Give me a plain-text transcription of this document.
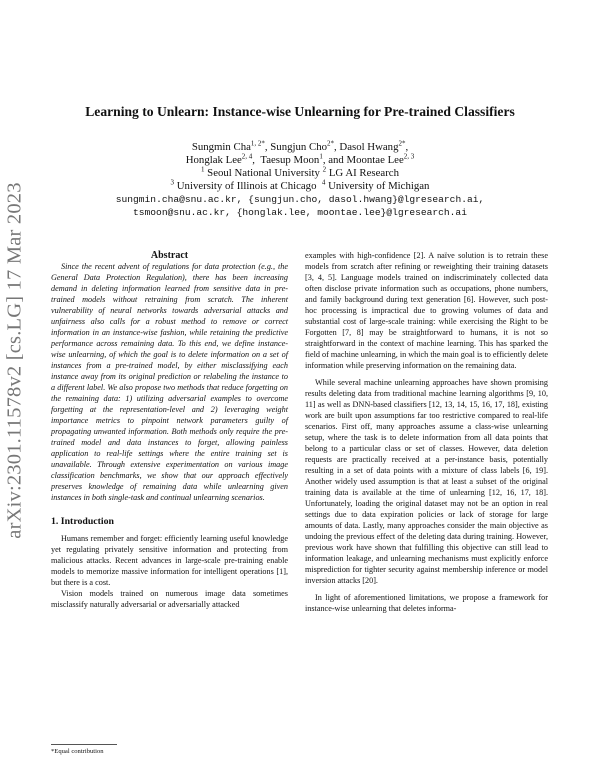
arXiv:2301.11578v2 [cs.LG] 17 Mar 2023
Learning to Unlearn: Instance-wise Unlearning for Pre-trained Classifiers
Sungmin Cha$^{1, 2*}$, Sungjun Cho$^{2*}$, Dasol Hwang$^{2*}$,
Honglak Lee$^{2, 4}$,  Taesup Moon$^1$, and Moontae Lee$^{2, 3}$
$^1$ Seoul National University $^2$ LG AI Research
$^3$ University of Illinois at Chicago  $^4$ University of Michigan
sungmin.cha@snu.ac.kr, {sungjun.cho, dasol.hwang}@lgresearch.ai,
tsmoon@snu.ac.kr, {honglak.lee, moontae.lee}@lgresearch.ai

Abstract

Since the recent advent of regulations for data protection (e.g., the General Data Protection Regulation), there has been increasing demand in deleting information learned from sensitive data in pre-trained models without retraining from scratch. The inherent vulnerability of neural networks towards adversarial attacks and unfairness also calls for a robust method to remove or correct information in an instance-wise fashion, while retaining the predictive performance across remaining data. To this end, we define instance-wise unlearning, of which the goal is to delete information on a set of instances from a pre-trained model, by either misclassifying each instance away from its original prediction or relabeling the instance to a different label. We also propose two methods that reduce forgetting on the remaining data: 1) utilizing adversarial examples to overcome forgetting at the representation-level and 2) leveraging weight importance metrics to pinpoint network parameters guilty of propagating unwanted information. Both methods only require the pre-trained model and data instances to forget, allowing painless application to real-life settings where the entire training set is unavailable. Through extensive experimentation on various image classification benchmarks, we show that our approach effectively preserves knowledge of remaining data while unlearning given instances in both single-task and continual unlearning scenarios.

1. Introduction

Humans remember and forget: efficiently learning useful knowledge yet regulating privately sensitive information and protecting from malicious attacks. Recent advances in large-scale pre-training enable models to memorize massive information for intelligent operations [1], but there is a cost.

Vision models trained on numerous image data sometimes misclassify naturally adversarial or adversarially attacked

examples with high-confidence [2]. A naïve solution is to retrain these models from scratch after refining or reweighting their training datasets [3, 4, 5]. Language models trained on indiscriminately collected data often disclose private information such as occupations, phone numbers, and family background during text generation [6]. However, such post-hoc processing is impractical due to growing volumes of data and substantial cost of large-scale training: while exercising the Right to be Forgotten [7, 8] may be straightforward to humans, it is not so straightforward in the context of machine learning. This has sparked the field of machine unlearning, in which the main goal is to efficiently delete information while preserving information on the remaining data.

While several machine unlearning approaches have shown promising results deleting data from traditional machine learning algorithms [9, 10, 11] as well as DNN-based classifiers [12, 13, 14, 15, 16, 17, 18], existing work are built upon assumptions far too restrictive compared to real-life scenarios. First off, many approaches assume a class-wise unlearning setup, where the task is to delete information from all data points that belong to a particular class or set of classes. However, data deletion requests are practically received at a per-instance basis, potentially resulting in a set of data points with a mixture of class labels [6, 19]. Another widely used assumption is that at least a subset of the original training data is available at the time of unlearning [12, 16, 17, 18]. Unfortunately, loading the original dataset may not be an option in real settings due to data expiration policies or lack of storage for large amounts of data. Lastly, many approaches consider the main objective as undoing the previous effect of the deleting data during training. However, previous work have shown that fulfilling this objective can still lead to information leakage, and unlearning mechanisms must explicitly enforce misprediction for tighter security against membership inference or model inversion attacks [20].

In light of aforementioned limitations, we propose a framework for instance-wise unlearning that deletes informa-

*Equal contribution
